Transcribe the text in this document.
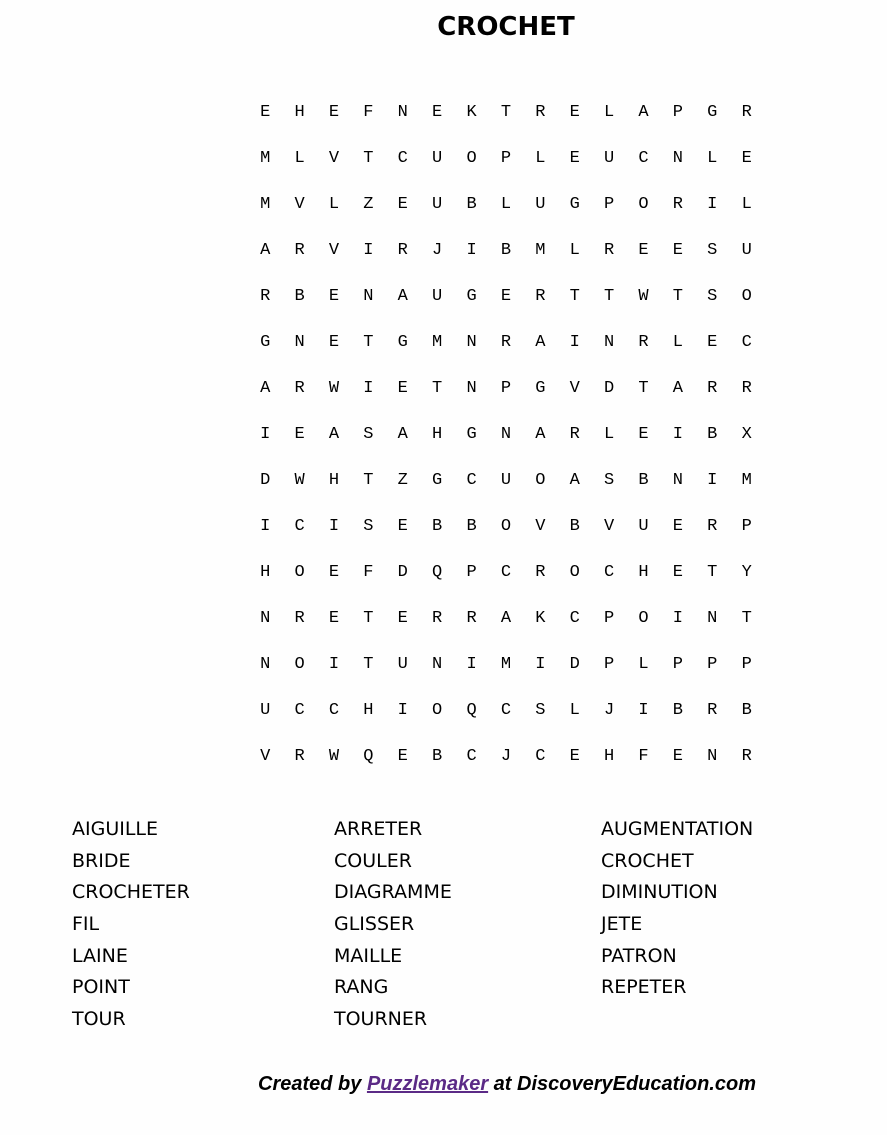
CROCHET
E	H	E	F	N	E	K	T	R	E	L	A	P	G	R
M	L	V	T	C	U	O	P	L	E	U	C	N	L	E
M	V	L	Z	E	U	B	L	U	G	P	O	R	I	L
A	R	V	I	R	J	I	B	M	L	R	E	E	S	U
R	B	E	N	A	U	G	E	R	T	T	W	T	S	O
G	N	E	T	G	M	N	R	A	I	N	R	L	E	C
A	R	W	I	E	T	N	P	G	V	D	T	A	R	R
I	E	A	S	A	H	G	N	A	R	L	E	I	B	X
D	W	H	T	Z	G	C	U	O	A	S	B	N	I	M
I	C	I	S	E	B	B	O	V	B	V	U	E	R	P
H	O	E	F	D	Q	P	C	R	O	C	H	E	T	Y
N	R	E	T	E	R	R	A	K	C	P	O	I	N	T
N	O	I	T	U	N	I	M	I	D	P	L	P	P	P
U	C	C	H	I	O	Q	C	S	L	J	I	B	R	B
V	R	W	Q	E	B	C	J	C	E	H	F	E	N	R
AIGUILLE
BRIDE
CROCHETER
FIL
LAINE
POINT
TOUR
ARRETER
COULER
DIAGRAMME
GLISSER
MAILLE
RANG
TOURNER
AUGMENTATION
CROCHET
DIMINUTION
JETE
PATRON
REPETER
Created by Puzzlemaker at DiscoveryEducation.com
